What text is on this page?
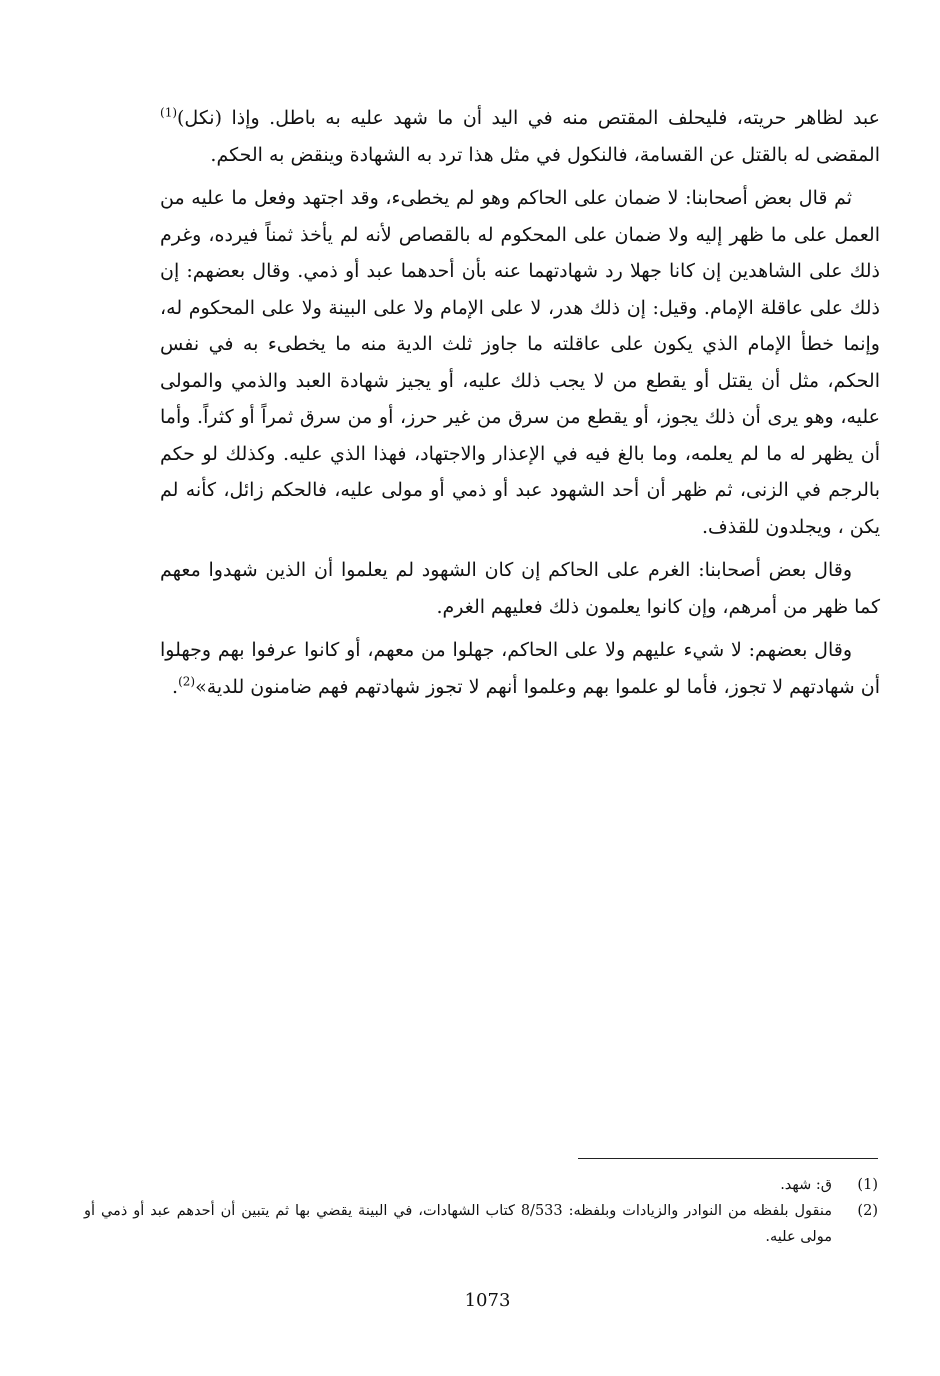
عبد لظاهر حريته، فليحلف المقتص منه في اليد أن ما شهد عليه به باطل. وإذا (نكل)$^{(1)}$ المقضى له بالقتل عن القسامة، فالنكول في مثل هذا ترد به الشهادة وينقض به الحكم.

ثم قال بعض أصحابنا: لا ضمان على الحاكم وهو لم يخطىء، وقد اجتهد وفعل ما عليه من العمل على ما ظهر إليه ولا ضمان على المحكوم له بالقصاص لأنه لم يأخذ ثمناً فيرده، وغرم ذلك على الشاهدين إن كانا جهلا رد شهادتهما عنه بأن أحدهما عبد أو ذمي. وقال بعضهم: إن ذلك على عاقلة الإمام. وقيل: إن ذلك هدر، لا على الإمام ولا على البينة ولا على المحكوم له، وإنما خطأ الإمام الذي يكون على عاقلته ما جاوز ثلث الدية منه ما يخطىء به في نفس الحكم، مثل أن يقتل أو يقطع من لا يجب ذلك عليه، أو يجيز شهادة العبد والذمي والمولى عليه، وهو يرى أن ذلك يجوز، أو يقطع من سرق من غير حرز، أو من سرق ثمراً أو كثراً. وأما أن يظهر له ما لم يعلمه، وما بالغ فيه في الإعذار والاجتهاد، فهذا الذي عليه. وكذلك لو حكم بالرجم في الزنى، ثم ظهر أن أحد الشهود عبد أو ذمي أو مولى عليه، فالحكم زائل، كأنه لم يكن ، ويجلدون للقذف.

وقال بعض أصحابنا: الغرم على الحاكم إن كان الشهود لم يعلموا أن الذين شهدوا معهم كما ظهر من أمرهم، وإن كانوا يعلمون ذلك فعليهم الغرم.

وقال بعضهم: لا شيء عليهم ولا على الحاكم، جهلوا من معهم، أو كانوا عرفوا بهم وجهلوا أن شهادتهم لا تجوز، فأما لو علموا بهم وعلموا أنهم لا تجوز شهادتهم فهم ضامنون للدية»$^{(2)}$.

(1)
ق: شهد.
(2)
منقول بلفظه من النوادر والزيادات وبلفظه: 8/533 كتاب الشهادات، في البينة يقضي بها ثم يتبين أن أحدهم عبد أو ذمي أو مولى عليه.
1073
